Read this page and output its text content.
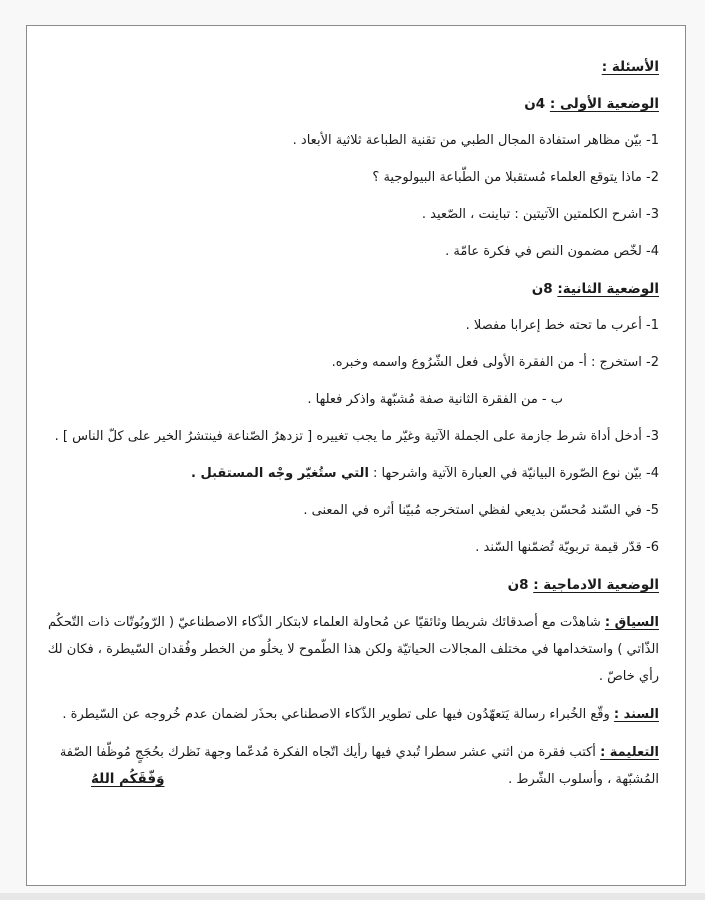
الأسئلة :

الوضعية الأولى : 4ن

1- بيّن مظاهر استفادة المجال الطبي من تقنية الطباعة ثلاثية الأبعاد .

2- ماذا يتوقع العلماء مُستقبلا من الطّباعة البيولوجية ؟

3- اشرح الكلمتين الآتيتين : تباينت ، الصّعيد .

4- لخّص مضمون النص في فكرة عامّة .

الوضعية الثانية: 8ن

1- أعرب ما تحته خط إعرابا مفصلا .

2- استخرج : أ- من الفقرة الأولى فعل الشّرُوع واسمه وخبره.

ب - من الفقرة الثانية صفة مُشبّهة واذكر فعلها .

3- أدخل أداة شرط جازمة على الجملة الآتية وغيّر ما يجب تغييره [ تزدهرُ الصّناعة فينتشرُ الخير على كلّ الناس ] .

4- بيّن نوع الصّورة البيانيّة في العبارة الآتية واشرحها : التي ستُغيّر وجْه المستقبل .

5- في السّند مُحسّن بديعي لفظي استخرجه مُبيّنا أثره في المعنى .

6- قدّر قيمة تربويّة تُضمّنها السّند .

الوضعية الادماجية : 8ن

السياق : شاهدْت مع أصدقائك شريطا وثائقيّا عن مُحاولة العلماء لابتكار الذّكاء الاصطناعيّ ( الرّوبُوتّات ذات التّحكُم الذّاتي ) واستخدامها في مختلف المجالات الحياتيّة ولكن هذا الطّموح لا يخلُو من الخطر وفُقدان السّيطرة ، فكان لك رأي خاصّ .
السند : وقّع الخُبراء رسالة يَتعهّدُون فيها على تطوير الذّكاء الاصطناعي بحذَر لضمان عدم خُروجه عن السّيطرة .
التعليمة : أكتب فقرة من اثني عشر سطرا تُبدي فيها رأيك اتّجاه الفكرة مُدعّما وجهة نَظرك بحُجَجٍ مُوظّفا الصّفة المُشبّهة ، وأسلوب الشّرط .
وَفّقَكُم اللهُ
